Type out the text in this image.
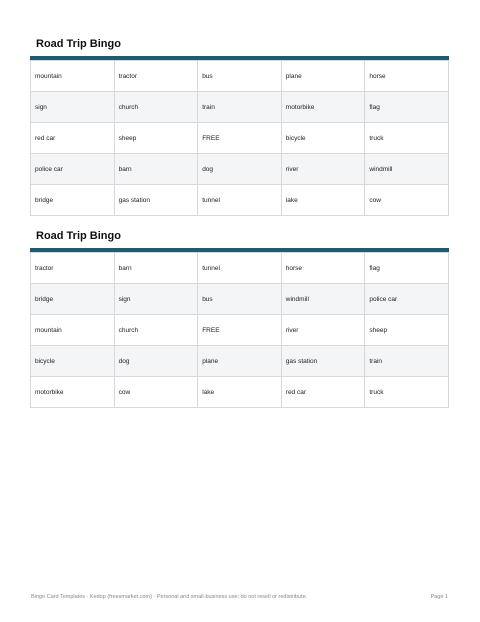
Road Trip Bingo
mountain	tractor	bus	plane	horse
sign	church	train	motorbike	flag
red car	sheep	FREE	bicycle	truck
police car	barn	dog	river	windmill
bridge	gas station	tunnel	lake	cow
Road Trip Bingo
tractor	barn	tunnel	horse	flag
bridge	sign	bus	windmill	police car
mountain	church	FREE	river	sheep
bicycle	dog	plane	gas station	train
motorbike	cow	lake	red car	truck
Bingo Card Templates · Kedop (freesmarket.com) · Personal and small-business use; do not resell or redistribute.	Page 1
